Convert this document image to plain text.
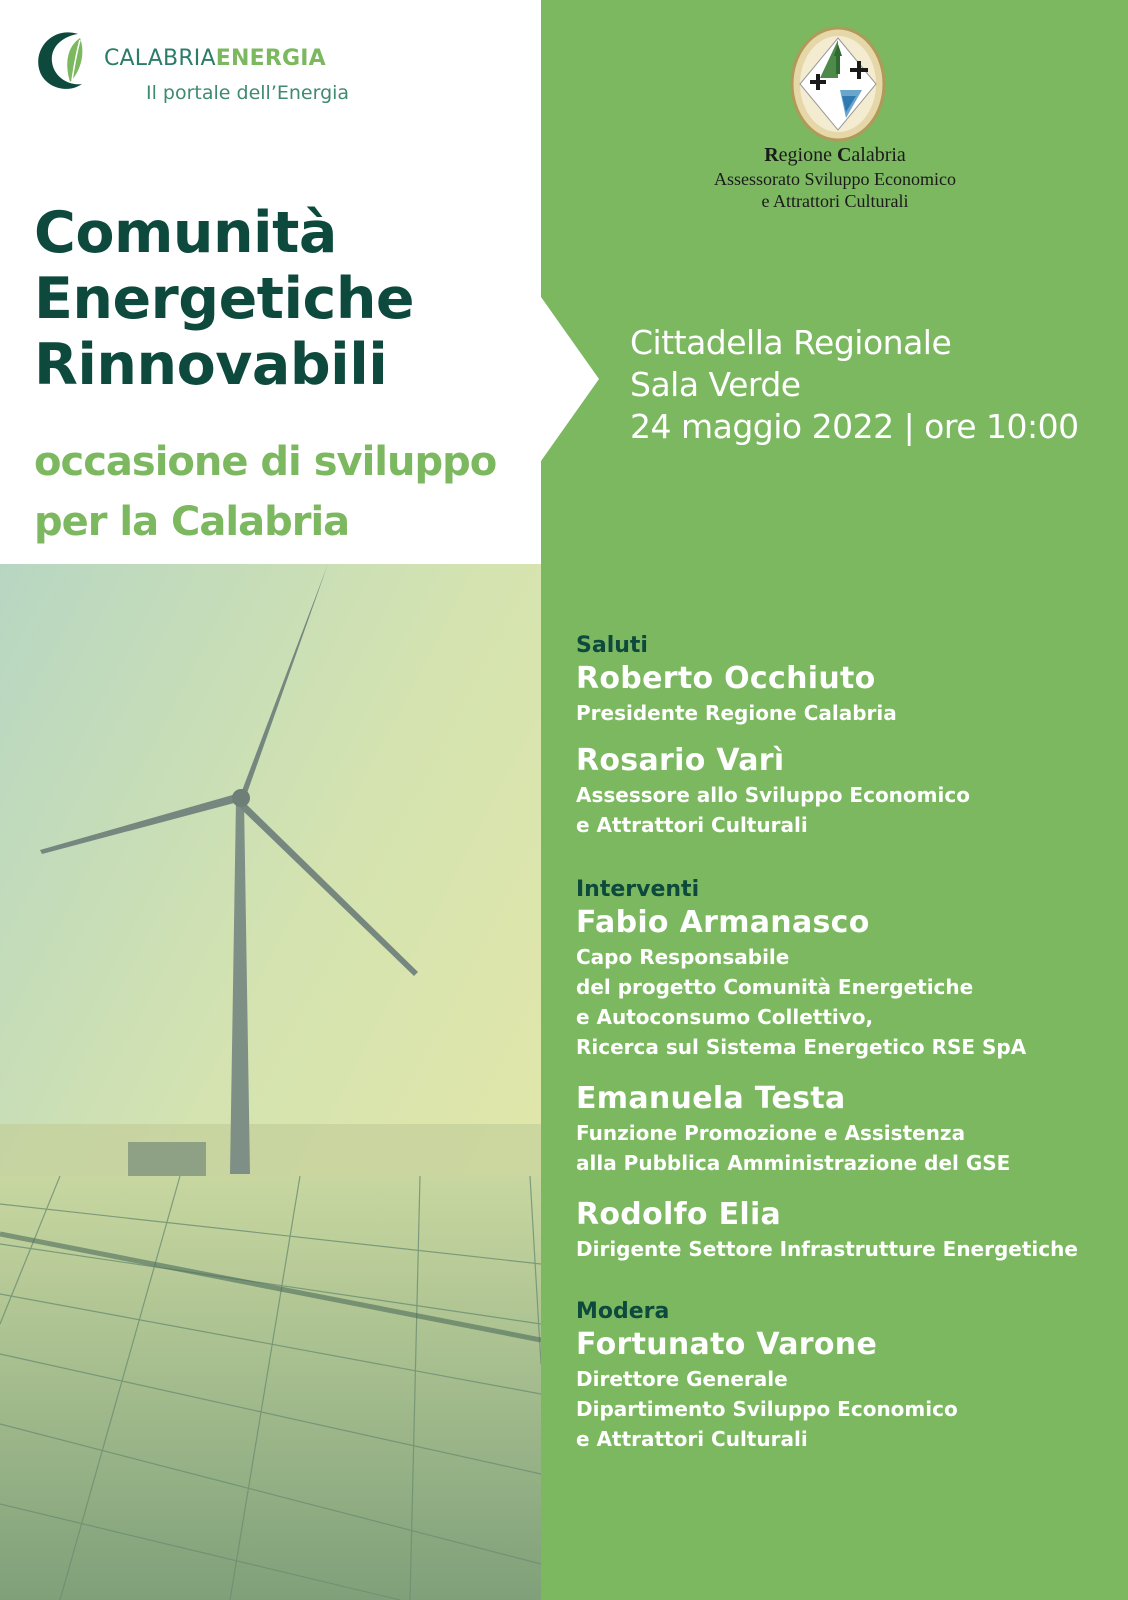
CALABRIAENERGIA
Il portale dell’Energia
Comunità
Energetiche
Rinnovabili
occasione di sviluppo
per la Calabria
Regione Calabria
Assessorato Sviluppo Economico
e Attrattori Culturali
Cittadella Regionale
Sala Verde
24 maggio 2022 | ore 10:00
Saluti
Roberto Occhiuto
Presidente Regione Calabria
Rosario Varì
Assessore allo Sviluppo Economico
e Attrattori Culturali
Interventi
Fabio Armanasco
Capo Responsabile
del progetto Comunità Energetiche
e Autoconsumo Collettivo,
Ricerca sul Sistema Energetico RSE SpA
Emanuela Testa
Funzione Promozione e Assistenza
alla Pubblica Amministrazione del GSE
Rodolfo Elia
Dirigente Settore Infrastrutture Energetiche
Modera
Fortunato Varone
Direttore Generale
Dipartimento Sviluppo Economico
e Attrattori Culturali
